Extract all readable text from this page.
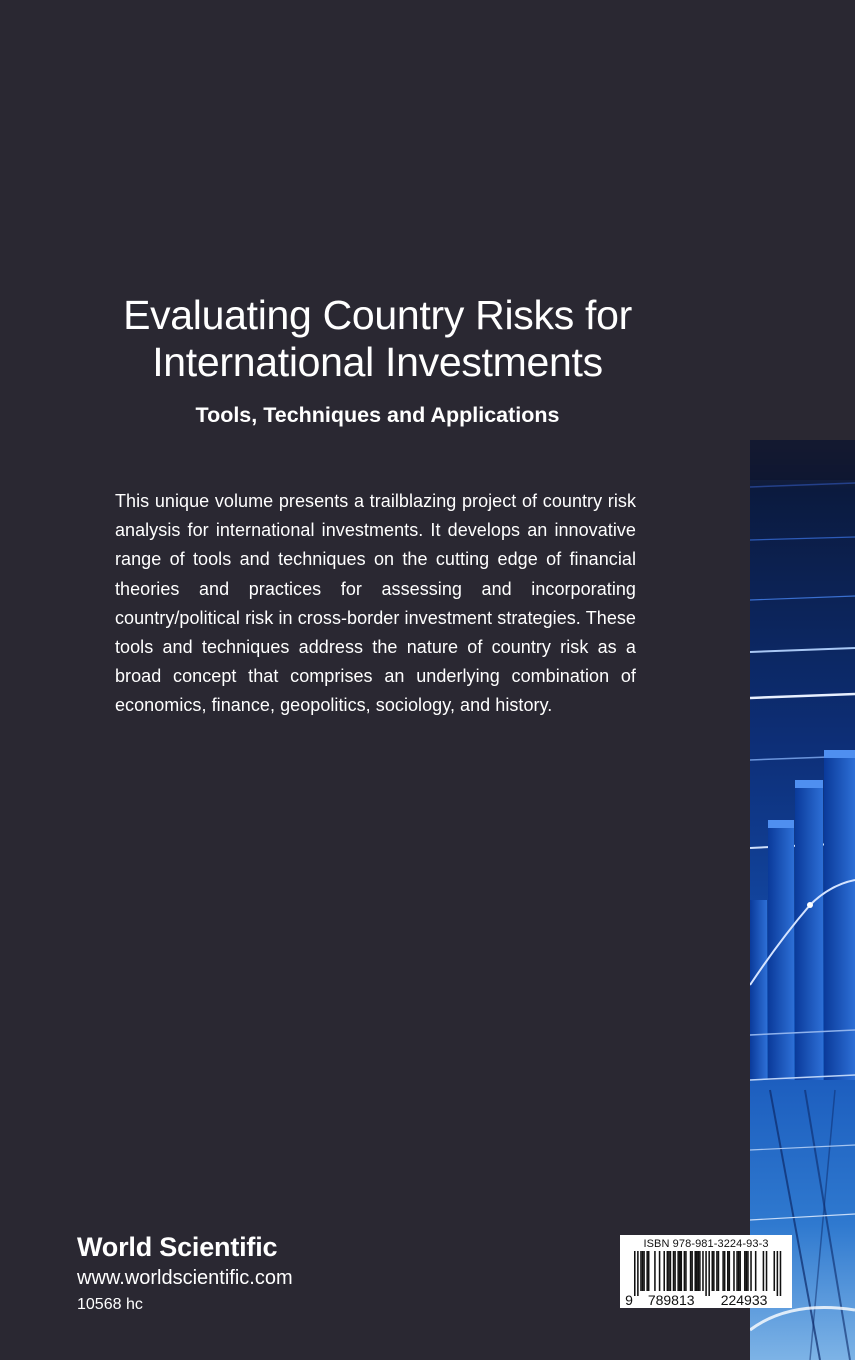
Evaluating Country Risks for
International Investments
Tools, Techniques and Applications

This unique volume presents a trailblazing project of country risk analysis for international investments. It develops an innovative range of tools and techniques on the cutting edge of financial theories and practices for assessing and incorporating country/political risk in cross-border investment strategies. These tools and techniques address the nature of country risk as a broad concept that comprises an underlying combination of economics, finance, geopolitics, sociology, and history.

World Scientific
www.worldscientific.com
10568 hc
ISBN 978-981-3224-93-3
9 789813 224933
